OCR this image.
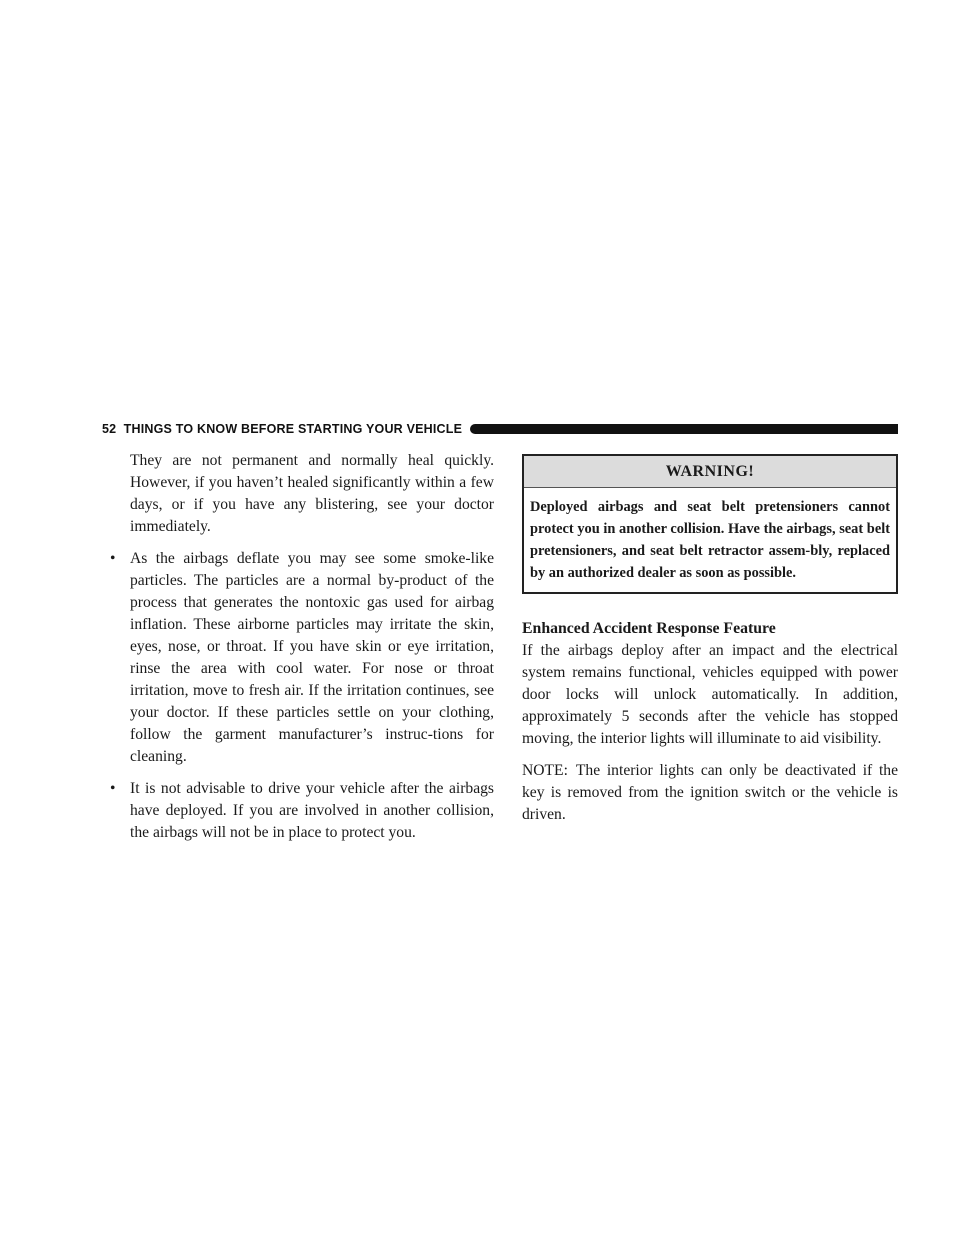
52 THINGS TO KNOW BEFORE STARTING YOUR VEHICLE

They are not permanent and normally heal quickly. However, if you haven’t healed significantly within a few days, or if you have any blistering, see your doctor immediately.

• As the airbags deflate you may see some smoke-like particles. The particles are a normal by-product of the process that generates the nontoxic gas used for airbag inflation. These airborne particles may irritate the skin, eyes, nose, or throat. If you have skin or eye irritation, rinse the area with cool water. For nose or throat irritation, move to fresh air. If the irritation continues, see your doctor. If these particles settle on your clothing, follow the garment manufacturer’s instruc-tions for cleaning.
• It is not advisable to drive your vehicle after the airbags have deployed. If you are involved in another collision, the airbags will not be in place to protect you.
WARNING!
Deployed airbags and seat belt pretensioners cannot protect you in another collision. Have the airbags, seat belt pretensioners, and seat belt retractor assem-bly, replaced by an authorized dealer as soon as possible.
Enhanced Accident Response Feature

If the airbags deploy after an impact and the electrical system remains functional, vehicles equipped with power door locks will unlock automatically. In addition, approximately 5 seconds after the vehicle has stopped moving, the interior lights will illuminate to aid visibility.

NOTE: The interior lights can only be deactivated if the key is removed from the ignition switch or the vehicle is driven.
